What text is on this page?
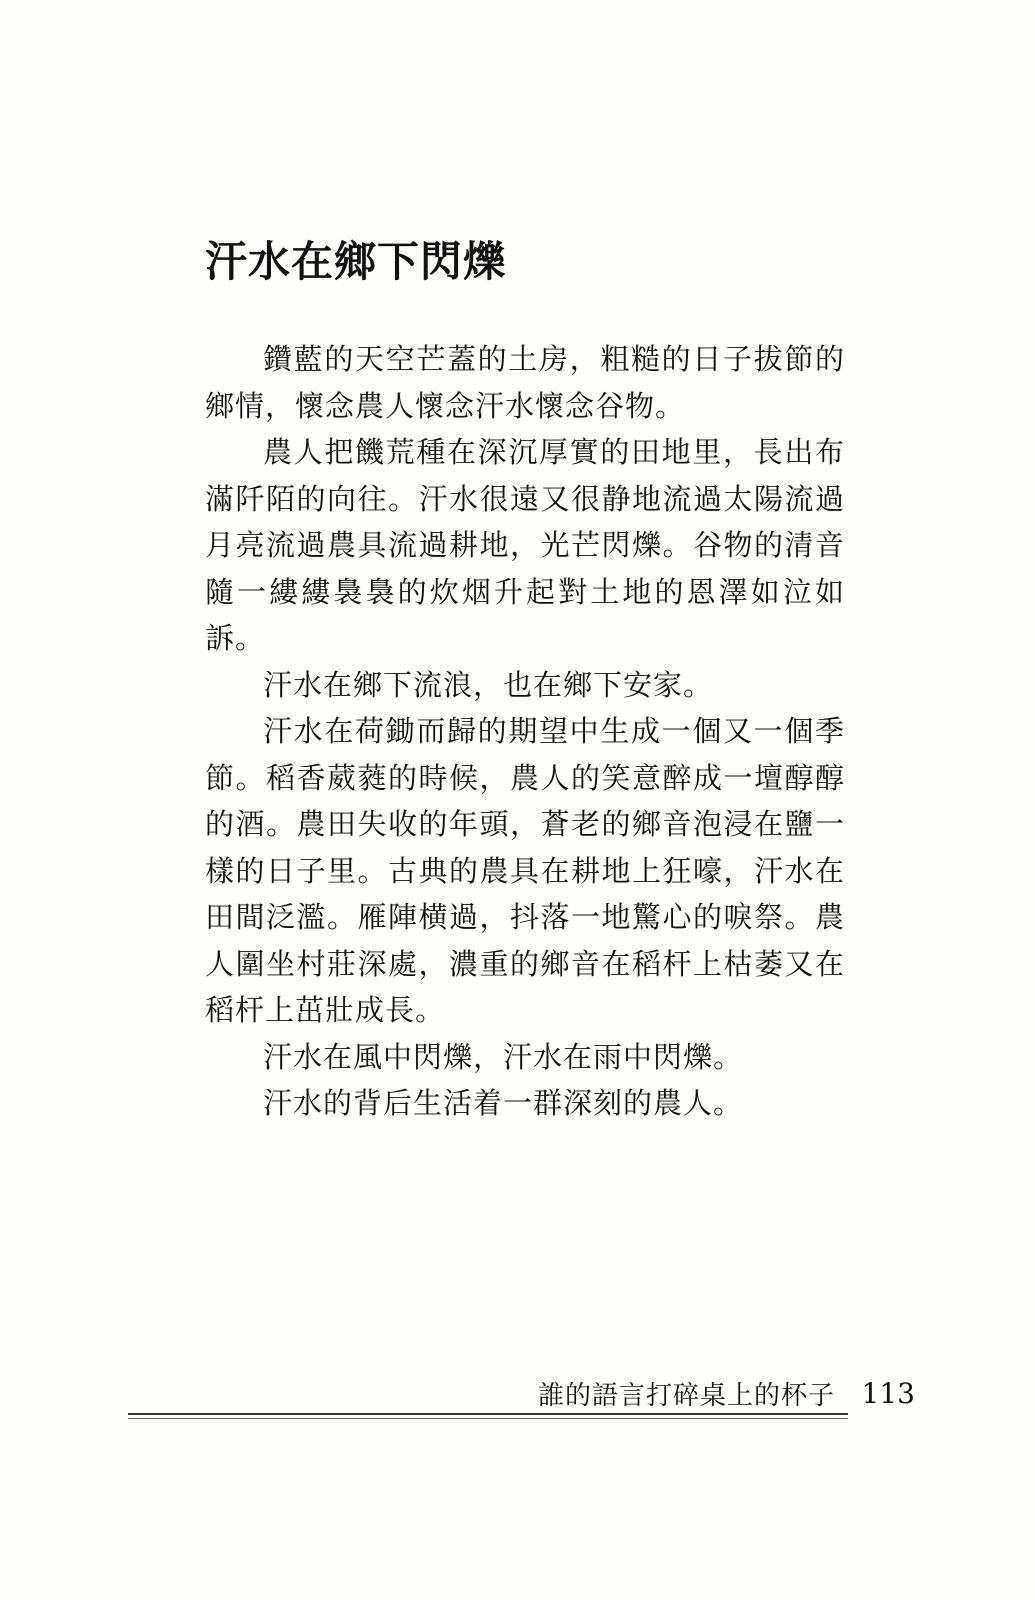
汗水在鄉下閃爍

鑽藍的天空芒蓋的土房，粗糙的日子拔節的鄉情，懷念農人懷念汗水懷念谷物。

農人把饑荒種在深沉厚實的田地里，長出布滿阡陌的向往。汗水很遠又很静地流過太陽流過月亮流過農具流過耕地，光芒閃爍。谷物的清音隨一縷縷裊裊的炊烟升起對土地的恩澤如泣如訴。

汗水在鄉下流浪，也在鄉下安家。

汗水在荷鋤而歸的期望中生成一個又一個季節。稻香葳蕤的時候，農人的笑意醉成一壇醇醇的酒。農田失收的年頭，蒼老的鄉音泡浸在鹽一樣的日子里。古典的農具在耕地上狂嚎，汗水在田間泛濫。雁陣横過，抖落一地驚心的唳祭。農人圍坐村莊深處，濃重的鄉音在稻杆上枯萎又在稻杆上茁壯成長。

汗水在風中閃爍，汗水在雨中閃爍。

汗水的背后生活着一群深刻的農人。

誰的語言打碎桌上的杯子 113
